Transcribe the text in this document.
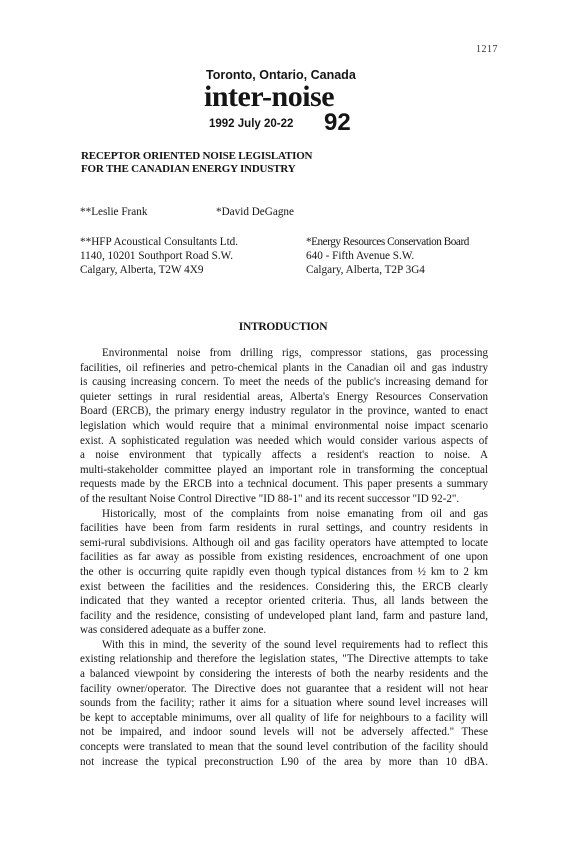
1217
Toronto, Ontario, Canada
inter-noise
1992 July 20-22 92
RECEPTOR ORIENTED NOISE LEGISLATION
FOR THE CANADIAN ENERGY INDUSTRY
**Leslie Frank	*David DeGagne
**HFP Acoustical Consultants Ltd.
1140, 10201 Southport Road S.W.
Calgary, Alberta, T2W 4X9
*Energy Resources Conservation Board
640 - Fifth Avenue S.W.
Calgary, Alberta, T2P 3G4
INTRODUCTION
Environmental noise from drilling rigs, compressor stations, gas processing
facilities, oil refineries and petro-chemical plants in the Canadian oil and gas industry
is causing increasing concern. To meet the needs of the public's increasing demand for
quieter settings in rural residential areas, Alberta's Energy Resources Conservation
Board (ERCB), the primary energy industry regulator in the province, wanted to enact
legislation which would require that a minimal environmental noise impact scenario
exist. A sophisticated regulation was needed which would consider various aspects of
a noise environment that typically affects a resident's reaction to noise. A
multi-stakeholder committee played an important role in transforming the conceptual
requests made by the ERCB into a technical document. This paper presents a summary
of the resultant Noise Control Directive "ID 88-1" and its recent successor "ID 92-2".
Historically, most of the complaints from noise emanating from oil and gas
facilities have been from farm residents in rural settings, and country residents in
semi-rural subdivisions. Although oil and gas facility operators have attempted to locate
facilities as far away as possible from existing residences, encroachment of one upon
the other is occurring quite rapidly even though typical distances from ½ km to 2 km
exist between the facilities and the residences. Considering this, the ERCB clearly
indicated that they wanted a receptor oriented criteria. Thus, all lands between the
facility and the residence, consisting of undeveloped plant land, farm and pasture land,
was considered adequate as a buffer zone.
With this in mind, the severity of the sound level requirements had to reflect this
existing relationship and therefore the legislation states, "The Directive attempts to take
a balanced viewpoint by considering the interests of both the nearby residents and the
facility owner/operator. The Directive does not guarantee that a resident will not hear
sounds from the facility; rather it aims for a situation where sound level increases will
be kept to acceptable minimums, over all quality of life for neighbours to a facility will
not be impaired, and indoor sound levels will not be adversely affected." These
concepts were translated to mean that the sound level contribution of the facility should
not increase the typical preconstruction L90 of the area by more than 10 dBA.
